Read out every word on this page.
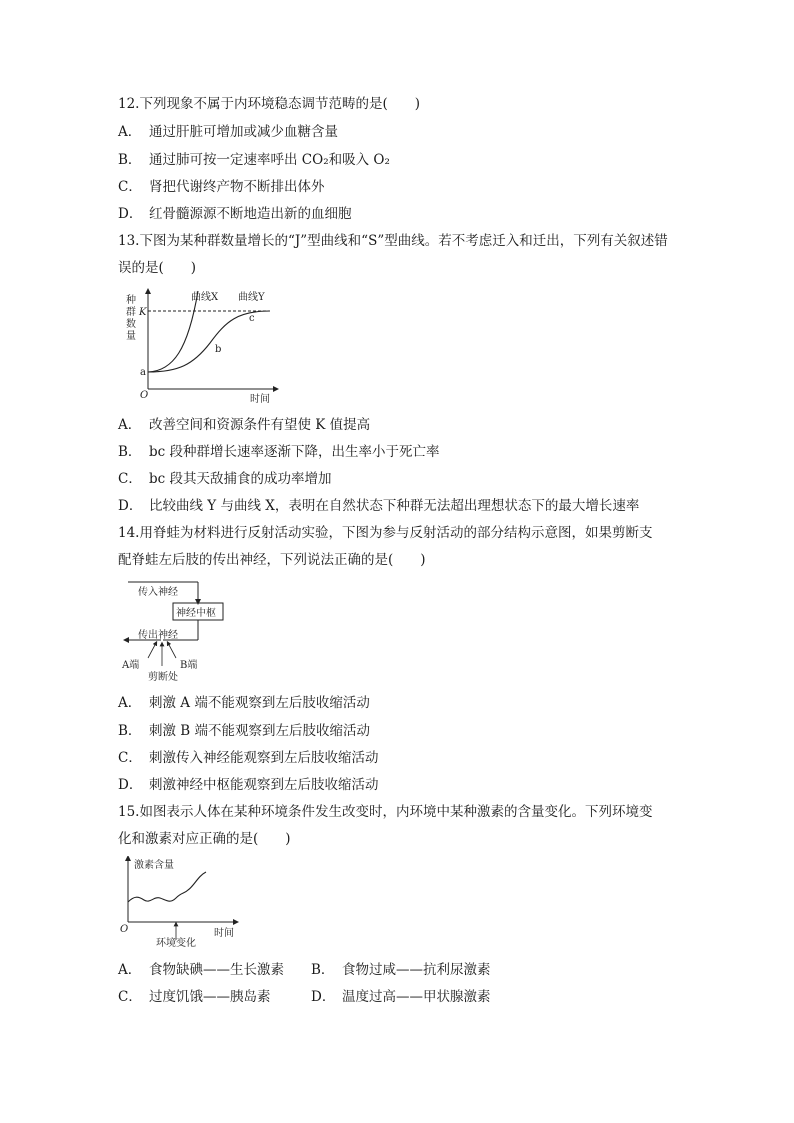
12.下列现象不属于内环境稳态调节范畴的是(　　)
A． 通过肝脏可增加或减少血糖含量
B． 通过肺可按一定速率呼出 CO₂和吸入 O₂
C． 肾把代谢终产物不断排出体外
D． 红骨髓源源不断地造出新的血细胞
13.下图为某种群数量增长的“J”型曲线和“S”型曲线。若不考虑迁入和迁出，下列有关叙述错
误的是(　　)
种
群
数
量
K
O	时间
曲线X 曲线Y
a
b
c
A． 改善空间和资源条件有望使 K 值提高
B． bc 段种群增长速率逐渐下降，出生率小于死亡率
C． bc 段其天敌捕食的成功率增加
D． 比较曲线 Y 与曲线 X，表明在自然状态下种群无法超出理想状态下的最大增长速率
14.用脊蛙为材料进行反射活动实验，下图为参与反射活动的部分结构示意图，如果剪断支
配脊蛙左后肢的传出神经，下列说法正确的是(　　)
传入神经
神经中枢
传出神经
A端	B端
剪断处
A． 刺激 A 端不能观察到左后肢收缩活动
B． 刺激 B 端不能观察到左后肢收缩活动
C． 刺激传入神经能观察到左后肢收缩活动
D． 刺激神经中枢能观察到左后肢收缩活动
15.如图表示人体在某种环境条件发生改变时，内环境中某种激素的含量变化。下列环境变
化和激素对应正确的是(　　)
激素含量
O	时间
环境变化
A． 食物缺碘——生长激素 B． 食物过咸——抗利尿激素
C． 过度饥饿——胰岛素	D． 温度过高——甲状腺激素
